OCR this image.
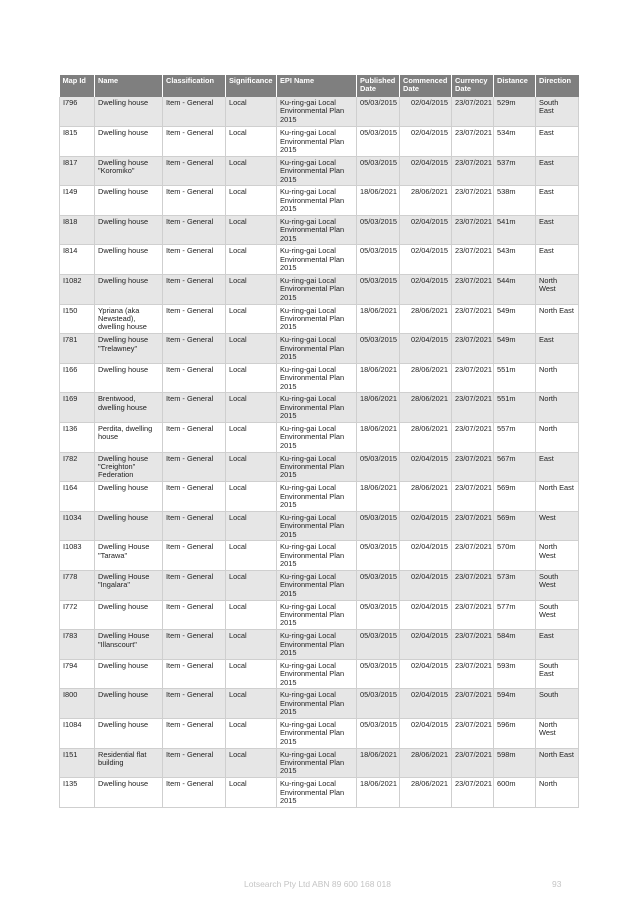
Map Id	Name	Classification	Significance	EPI Name	Published Date	Commenced Date	Currency Date	Distance	Direction
I796	Dwelling house	Item - General	Local	Ku-ring-gai Local Environmental Plan 2015	05/03/2015	02/04/2015	23/07/2021	529m	South East
I815	Dwelling house	Item - General	Local	Ku-ring-gai Local Environmental Plan 2015	05/03/2015	02/04/2015	23/07/2021	534m	East
I817	Dwelling house "Koromiko"	Item - General	Local	Ku-ring-gai Local Environmental Plan 2015	05/03/2015	02/04/2015	23/07/2021	537m	East
I149	Dwelling house	Item - General	Local	Ku-ring-gai Local Environmental Plan 2015	18/06/2021	28/06/2021	23/07/2021	538m	East
I818	Dwelling house	Item - General	Local	Ku-ring-gai Local Environmental Plan 2015	05/03/2015	02/04/2015	23/07/2021	541m	East
I814	Dwelling house	Item - General	Local	Ku-ring-gai Local Environmental Plan 2015	05/03/2015	02/04/2015	23/07/2021	543m	East
I1082	Dwelling house	Item - General	Local	Ku-ring-gai Local Environmental Plan 2015	05/03/2015	02/04/2015	23/07/2021	544m	North West
I150	Ypriana (aka Newstead), dwelling house	Item - General	Local	Ku-ring-gai Local Environmental Plan 2015	18/06/2021	28/06/2021	23/07/2021	549m	North East
I781	Dwelling house "Trelawney"	Item - General	Local	Ku-ring-gai Local Environmental Plan 2015	05/03/2015	02/04/2015	23/07/2021	549m	East
I166	Dwelling house	Item - General	Local	Ku-ring-gai Local Environmental Plan 2015	18/06/2021	28/06/2021	23/07/2021	551m	North
I169	Brentwood, dwelling house	Item - General	Local	Ku-ring-gai Local Environmental Plan 2015	18/06/2021	28/06/2021	23/07/2021	551m	North
I136	Perdita, dwelling house	Item - General	Local	Ku-ring-gai Local Environmental Plan 2015	18/06/2021	28/06/2021	23/07/2021	557m	North
I782	Dwelling house "Creighton" Federation	Item - General	Local	Ku-ring-gai Local Environmental Plan 2015	05/03/2015	02/04/2015	23/07/2021	567m	East
I164	Dwelling house	Item - General	Local	Ku-ring-gai Local Environmental Plan 2015	18/06/2021	28/06/2021	23/07/2021	569m	North East
I1034	Dwelling house	Item - General	Local	Ku-ring-gai Local Environmental Plan 2015	05/03/2015	02/04/2015	23/07/2021	569m	West
I1083	Dwelling House "Tarawa"	Item - General	Local	Ku-ring-gai Local Environmental Plan 2015	05/03/2015	02/04/2015	23/07/2021	570m	North West
I778	Dwelling House "Ingalara"	Item - General	Local	Ku-ring-gai Local Environmental Plan 2015	05/03/2015	02/04/2015	23/07/2021	573m	South West
I772	Dwelling house	Item - General	Local	Ku-ring-gai Local Environmental Plan 2015	05/03/2015	02/04/2015	23/07/2021	577m	South West
I783	Dwelling House "Illanscourt"	Item - General	Local	Ku-ring-gai Local Environmental Plan 2015	05/03/2015	02/04/2015	23/07/2021	584m	East
I794	Dwelling house	Item - General	Local	Ku-ring-gai Local Environmental Plan 2015	05/03/2015	02/04/2015	23/07/2021	593m	South East
I800	Dwelling house	Item - General	Local	Ku-ring-gai Local Environmental Plan 2015	05/03/2015	02/04/2015	23/07/2021	594m	South
I1084	Dwelling house	Item - General	Local	Ku-ring-gai Local Environmental Plan 2015	05/03/2015	02/04/2015	23/07/2021	596m	North West
I151	Residential flat building	Item - General	Local	Ku-ring-gai Local Environmental Plan 2015	18/06/2021	28/06/2021	23/07/2021	598m	North East
I135	Dwelling house	Item - General	Local	Ku-ring-gai Local Environmental Plan 2015	18/06/2021	28/06/2021	23/07/2021	600m	North
Lotsearch Pty Ltd ABN 89 600 168 018	93
